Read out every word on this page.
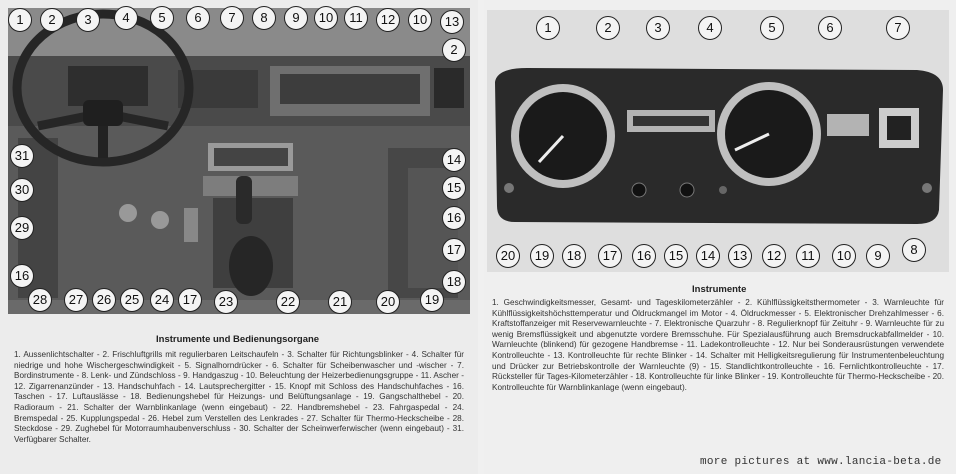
1	2	3	4	5	6	7	8	9	10	11	12	10	13
2
14
15
16
17
18
31
30
29
16
28	27	26	25	24	17	23	22	21	20	19
Instrumente und Bedienungsorgane
1. Aussenlichtschalter - 2. Frischluftgrills mit regulierbaren Leitschaufeln - 3. Schalter für Richtungsblinker - 4. Schalter für niedrige und hohe Wischergeschwindigkeit - 5. Signalhorndrücker - 6. Schalter für Scheibenwascher und -wischer - 7. Bordinstrumente - 8. Lenk- und Zündschloss - 9. Handgaszug - 10. Beleuchtung der Heizerbedienungsgruppe - 11. Ascher - 12. Zigarrenanzünder - 13. Handschuhfach - 14. Lautsprechergitter - 15. Knopf mit Schloss des Handschuhfaches - 16. Taschen - 17. Luftauslässe - 18. Bedienungshebel für Heizungs- und Belüftungsanlage - 19. Gangschalthebel - 20. Radioraum - 21. Schalter der Warnblinkanlage (wenn eingebaut) - 22. Handbremshebel - 23. Fahrgaspedal - 24. Bremspedal - 25. Kupplungspedal - 26. Hebel zum Verstellen des Lenkrades - 27. Schalter für Thermo-Heckscheibe - 28. Steckdose - 29. Zughebel für Motorraumhaubenverschluss - 30. Schalter der Scheinwerferwischer (wenn eingebaut) - 31. Verfügbarer Schalter.
1	2	3	4	5	6	7
20	19	18	17	16	15	14	13	12	11	10	9	8
Instrumente
1. Geschwindigkeitsmesser, Gesamt- und Tageskilometerzähler - 2. Kühlflüssigkeitsthermometer - 3. Warnleuchte für Kühlflüssigkeitshöchsttemperatur und Öldruckmangel im Motor - 4. Öldruckmesser - 5. Elektronischer Drehzahlmesser - 6. Kraftstoffanzeiger mit Reservewarnleuchte - 7. Elektronische Quarzuhr - 8. Regulierknopf für Zeituhr - 9. Warnleuchte für zu wenig Bremsflüssigkeit und abgenutzte vordere Bremsschuhe. Für Spezialausführung auch Bremsdruckabfallmelder - 10. Warnleuchte (blinkend) für gezogene Handbremse - 11. Ladekontrolleuchte - 12. Nur bei Sonderausrüstungen verwendete Kontrolleuchte - 13. Kontrolleuchte für rechte Blinker - 14. Schalter mit Helligkeitsregulierung für Instrumentenbeleuchtung und Drücker zur Betriebskontrolle der Warnleuchte (9) - 15. Standlichtkontrolleuchte - 16. Fernlichtkontrolleuchte - 17. Rücksteller für Tages-Kilometerzähler - 18. Kontrolleuchte für linke Blinker - 19. Kontrolleuchte für Thermo-Heckscheibe - 20. Kontrolleuchte für Warnblinkanlage (wenn eingebaut).
more pictures at www.lancia-beta.de
